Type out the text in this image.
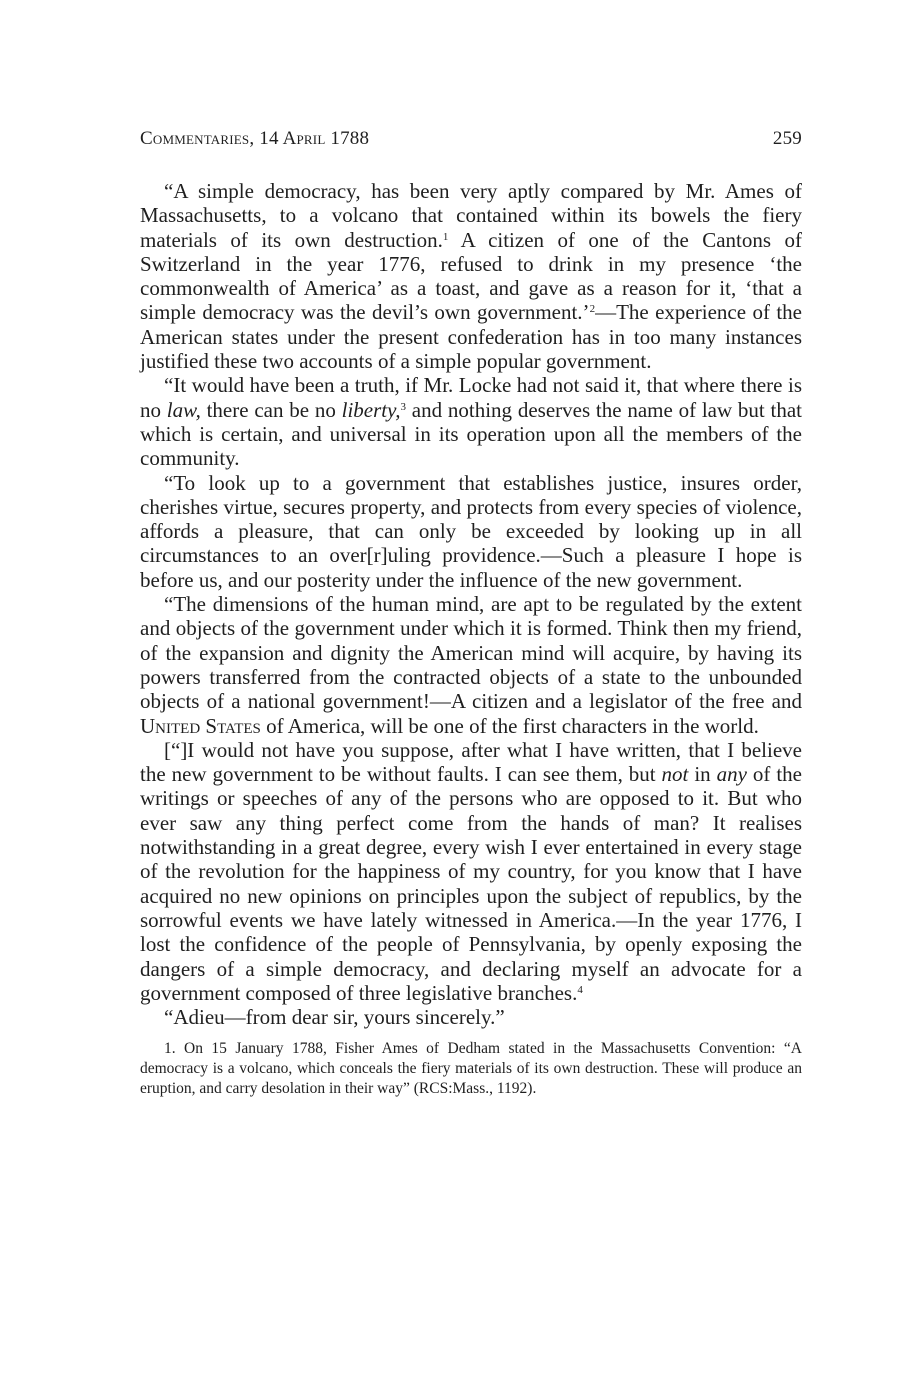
Commentaries, 14 April 1788	259

“A simple democracy, has been very aptly compared by Mr. Ames of Massachusetts, to a volcano that contained within its bowels the fiery materials of its own destruction.$^1$ A citizen of one of the Cantons of Switzerland in the year 1776, refused to drink in my presence ‘the commonwealth of America’ as a toast, and gave as a reason for it, ‘that a simple democracy was the devil’s own government.’$^2$—The experience of the American states under the present confederation has in too many instances justified these two accounts of a simple popular government.

“It would have been a truth, if Mr. Locke had not said it, that where there is no law, there can be no liberty,$^3$ and nothing deserves the name of law but that which is certain, and universal in its operation upon all the members of the community.

“To look up to a government that establishes justice, insures order, cherishes virtue, secures property, and protects from every species of violence, affords a pleasure, that can only be exceeded by looking up in all circumstances to an over[r]uling providence.—Such a pleasure I hope is before us, and our posterity under the influence of the new government.

“The dimensions of the human mind, are apt to be regulated by the extent and objects of the government under which it is formed. Think then my friend, of the expansion and dignity the American mind will acquire, by having its powers transferred from the contracted objects of a state to the unbounded objects of a national government!—A citizen and a legislator of the free and United States of America, will be one of the first characters in the world.

[“]I would not have you suppose, after what I have written, that I believe the new government to be without faults. I can see them, but not in any of the writings or speeches of any of the persons who are opposed to it. But who ever saw any thing perfect come from the hands of man? It realises notwithstanding in a great degree, every wish I ever entertained in every stage of the revolution for the happiness of my country, for you know that I have acquired no new opinions on principles upon the subject of republics, by the sorrowful events we have lately witnessed in America.—In the year 1776, I lost the confidence of the people of Pennsylvania, by openly exposing the dangers of a simple democracy, and declaring myself an advocate for a government composed of three legislative branches.$^4$

“Adieu—from dear sir, yours sincerely.”

1. On 15 January 1788, Fisher Ames of Dedham stated in the Massachusetts Convention: “A democracy is a volcano, which conceals the fiery materials of its own destruction. These will produce an eruption, and carry desolation in their way” (RCS:Mass., 1192).
